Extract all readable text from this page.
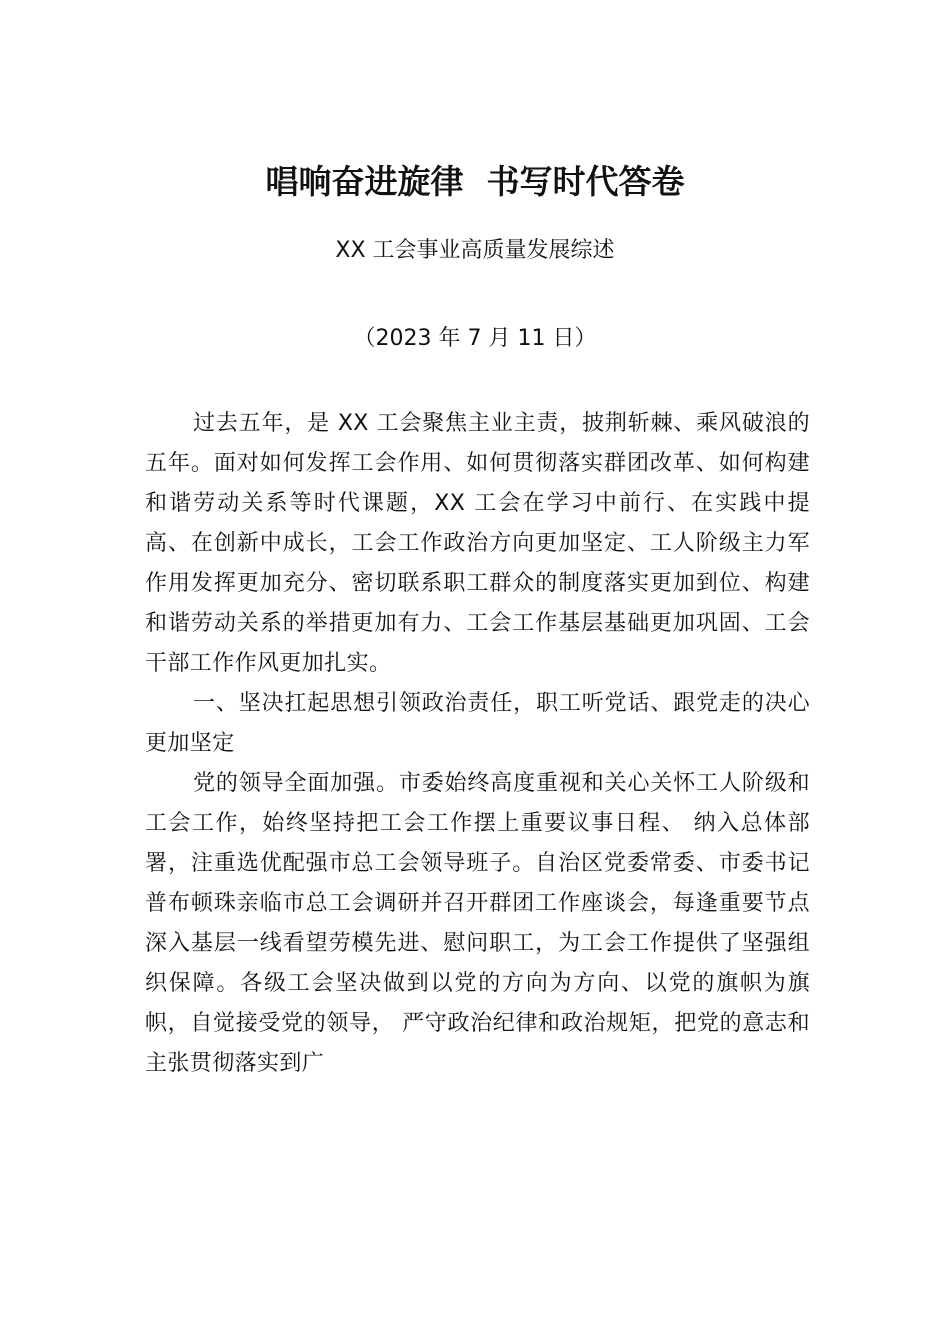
唱响奋进旋律  书写时代答卷
XX 工会事业高质量发展综述
（2023 年 7 月 11 日）

过去五年，是 XX 工会聚焦主业主责，披荆斩棘、乘风破浪的五年。面对如何发挥工会作用、如何贯彻落实群团改革、如何构建和谐劳动关系等时代课题，XX 工会在学习中前行、在实践中提高、在创新中成长，工会工作政治方向更加坚定、工人阶级主力军作用发挥更加充分、密切联系职工群众的制度落实更加到位、构建和谐劳动关系的举措更加有力、工会工作基层基础更加巩固、工会干部工作作风更加扎实。

一、坚决扛起思想引领政治责任，职工听党话、跟党走的决心更加坚定

党的领导全面加强。市委始终高度重视和关心关怀工人阶级和工会工作，始终坚持把工会工作摆上重要议事日程、 纳入总体部署，注重选优配强市总工会领导班子。自治区党委常委、市委书记普布顿珠亲临市总工会调研并召开群团工作座谈会，每逢重要节点深入基层一线看望劳模先进、慰问职工，为工会工作提供了坚强组织保障。各级工会坚决做到以党的方向为方向、以党的旗帜为旗帜，自觉接受党的领导， 严守政治纪律和政治规矩，把党的意志和主张贯彻落实到广
